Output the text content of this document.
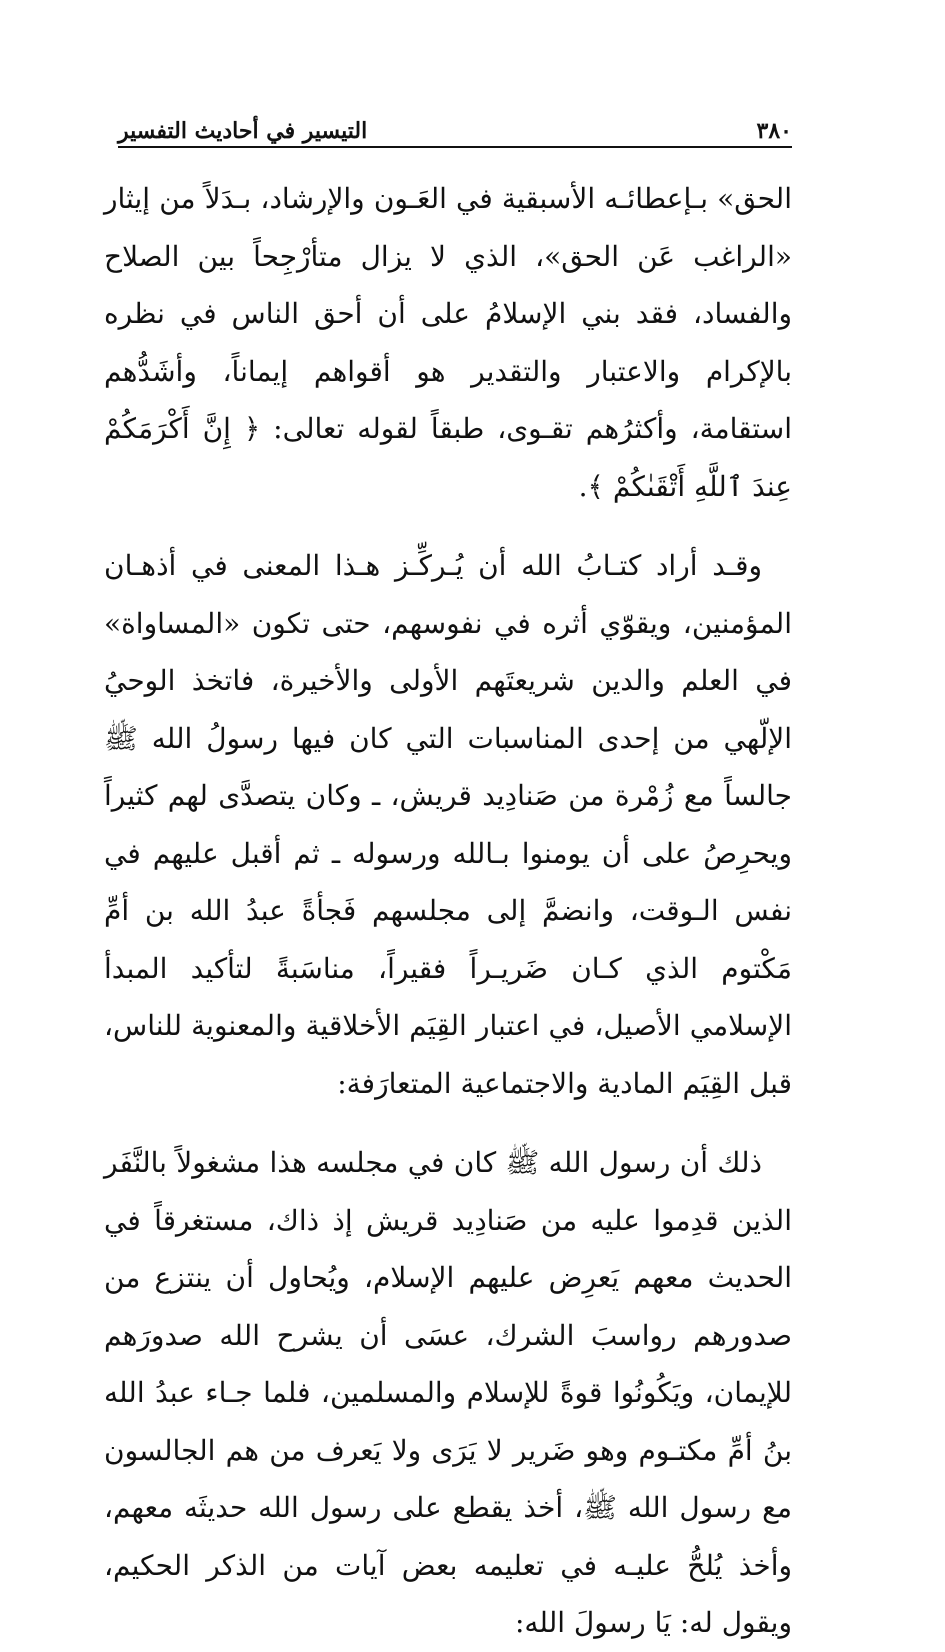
٣٨٠
التيسير في أحاديث التفسير

الحق» بـإعطائـه الأسبقية في العَـون والإرشاد، بـدَلاً من إيثار «الراغب عَن الحق»، الذي لا يزال متأرْجِحاً بين الصلاح والفساد، فقد بني الإسلامُ على أن أحق الناس في نظره بالإكرام والاعتبار والتقدير هو أقواهم إيماناً، وأشَدُّهم استقامة، وأكثرُهم تقـوى، طبقاً لقوله تعالى: ﴿ إِنَّ أَكْرَمَكُمْ عِندَ ٱللَّهِ أَتْقَىٰكُمْ ﴾.

وقـد أراد كتـابُ الله أن يُـركِّـز هـذا المعنى في أذهـان المؤمنين، ويقوّي أثره في نفوسهم، حتى تكون «المساواة» في العلم والدين شريعتَهم الأولى والأخيرة، فاتخذ الوحيُ الإلّهي من إحدى المناسبات التي كان فيها رسولُ الله ﷺ جالساً مع زُمْرة من صَنادِيد قريش، ـ وكان يتصدَّى لهم كثيراً ويحرِصُ على أن يومنوا بـالله ورسوله ـ ثم أقبل عليهم في نفس الـوقت، وانضمَّ إلى مجلسهم فَجأةً عبدُ الله بن أمِّ مَكْتوم الذي كـان ضَريـراً فقيراً، مناسَبةً لتأكيد المبدأ الإسلامي الأصيل، في اعتبار القِيَم الأخلاقية والمعنوية للناس، قبل القِيَم المادية والاجتماعية المتعارَفة:

ذلك أن رسول الله ﷺ كان في مجلسه هذا مشغولاً بالنَّفَر الذين قدِموا عليه من صَنادِيد قريش إذ ذاك، مستغرقاً في الحديث معهم يَعرِض عليهم الإسلام، ويُحاول أن ينتزع من صدورهم رواسبَ الشرك، عسَى أن يشرح الله صدورَهم للإيمان، ويَكُونُوا قوةً للإسلام والمسلمين، فلما جـاء عبدُ الله بنُ أمِّ مكتـوم وهو ضَرير لا يَرَى ولا يَعرف من هم الجالسون مع رسول الله ﷺ، أخذ يقطع على رسول الله حديثَه معهم، وأخذ يُلحُّ عليـه في تعليمه بعض آيات من الذكر الحكيم، ويقول له: يَا رسولَ الله:
